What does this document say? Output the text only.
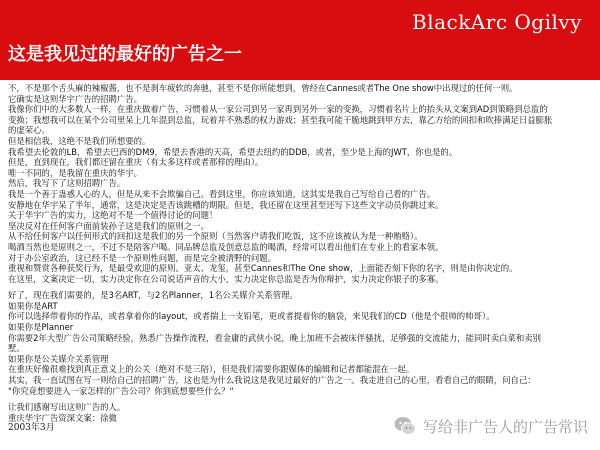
BlackArc Ogilvy
这是我见过的最好的广告之一
不，不是那个舌头麻的辣椒酱，也不是刹车疲软的奔驰，甚至不是你所能想到，曾经在Cannes或者The One show中出现过的任何一则。
它确实是这则华宇广告的招聘广告。
我像你们中的大多数人一样，在重庆做着广告，习惯着从一家公司到另一家再到另外一家的变换，习惯着名片上的抬头从文案到AD到策略到总监的
变换；我想我可以在某个公司里呆上几年混到总监，玩着并不熟悉的权力游戏；甚至我可能干脆地跳到甲方去，靠乙方给的回扣和吹捧满足日益膨胀
的虚荣心。
但是相信我，这绝不是我们所想要的。
我希望去伦敦的LB，希望去巴西的DM9，希望去香港的天高，希望去纽约的DDB，或者，至少是上海的JWT，你也是的。
但是，直到现在，我们都还留在重庆（有太多这样或者那样的理由）。
唯一不同的，是我留在重庆的华宇。
然后，我写下了这则招聘广告。
我是一个善于蛊惑人心的人，但是从来不会欺骗自己。看到这里，你应该知道，这其实是我自己写给自己看的广告。
安静地在华宇呆了半年，通常，这是决定是否该跳槽的期限。但是，我还留在这里甚至还写下这些文字动员你跳过来。
关于华宇广告的实力，这绝对不是一个值得讨论的问题！
坚决反对在任何客户面前装孙子这是我们的原则之一。
从不给任何客户以任何形式的回扣这是我们的另一个原则（当然客户请我们吃饭，这不应该被认为是一种贿赂）。
喝酒当然也是原则之一，不过不是陪客户喝。同品牌总监及创意总监的喝酒，经常可以看出他们在专业上的看家本领。
对于办公室政治，这已经不是一个原则性问题，而是完全被清野的问题。
重视和赞赏各种获奖行为，是最受欢迎的原则。亚太、龙玺，甚至Cannes和The One show，上面能否刻下你的名字，则是由你决定的。
在这里，文案决定一切，实力决定你在公司说话声音的大小，实力决定你总监是否为你辩护，实力决定你银子的多寡。
好了，现在我们需要的，是3名ART，与2名Planner，1名公关媒介关系管理。
如果你是ART
你可以选择带着你的作品，或者拿着你的layout，或者揣上一支铅笔，更或者提着你的脑袋，来见我们的CD（他是个很帅的帅哥）。
如果你是Planner
你需要2年大型广告公司策略经验，熟悉广告操作流程，看金庸的武侠小说，晚上加班不会被床伴骚扰，足够强的交流能力，能同时卖白菜和卖别
墅。
如果你是公关媒介关系管理
在重庆好像很难找到真正意义上的公关（绝对不是三陪），但是我们需要你跟媒体的编辑和记者都能混在一起。
其实，我一直试图在写一则给自己的招聘广告，这也是为什么我说这是我见过最好的广告之一。我走进自己的心里，看看自己的眼睛，问自己：
"你究竟想要进入一家怎样的广告公司？你到底想要些什么？"
让我们感谢写出这则广告的人。
重庆华宇广告资深文案：徐微
2003年3月	写给非广告人的广告常识
